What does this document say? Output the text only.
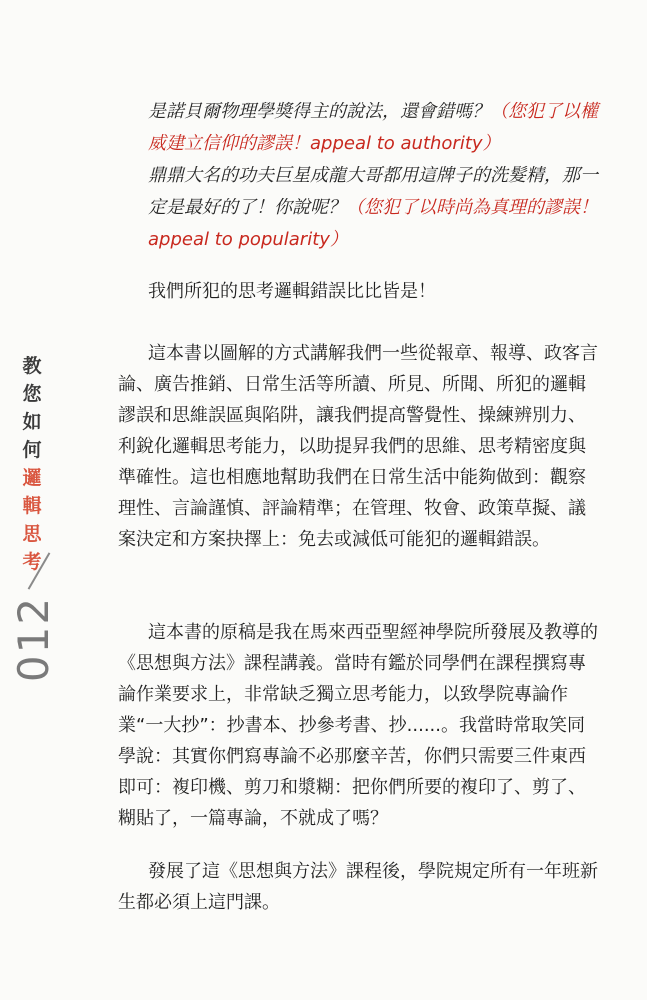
教
您
如
何
邏
輯
思
考
012
是諾貝爾物理學獎得主的說法，還會錯嗎？（您犯了以權威建立信仰的謬誤！appeal to authority）
鼎鼎大名的功夫巨星成龍大哥都用這牌子的洗髮精，那一定是最好的了！你說呢？（您犯了以時尚為真理的謬誤！appeal to popularity）
我們所犯的思考邏輯錯誤比比皆是！
這本書以圖解的方式講解我們一些從報章、報導、政客言論、廣告推銷、日常生活等所讀、所見、所聞、所犯的邏輯謬誤和思維誤區與陷阱，讓我們提高警覺性、操練辨別力、利銳化邏輯思考能力，以助提昇我們的思維、思考精密度與準確性。這也相應地幫助我們在日常生活中能夠做到：觀察理性、言論謹慎、評論精準；在管理、牧會、政策草擬、議案決定和方案抉擇上：免去或減低可能犯的邏輯錯誤。
這本書的原稿是我在馬來西亞聖經神學院所發展及教導的《思想與方法》課程講義。當時有鑑於同學們在課程撰寫專論作業要求上，非常缺乏獨立思考能力，以致學院專論作業“一大抄”：抄書本、抄參考書、抄......。我當時常取笑同學說：其實你們寫專論不必那麼辛苦，你們只需要三件東西即可：複印機、剪刀和漿糊：把你們所要的複印了、剪了、糊貼了，一篇專論，不就成了嗎？
發展了這《思想與方法》課程後，學院規定所有一年班新生都必須上這門課。
